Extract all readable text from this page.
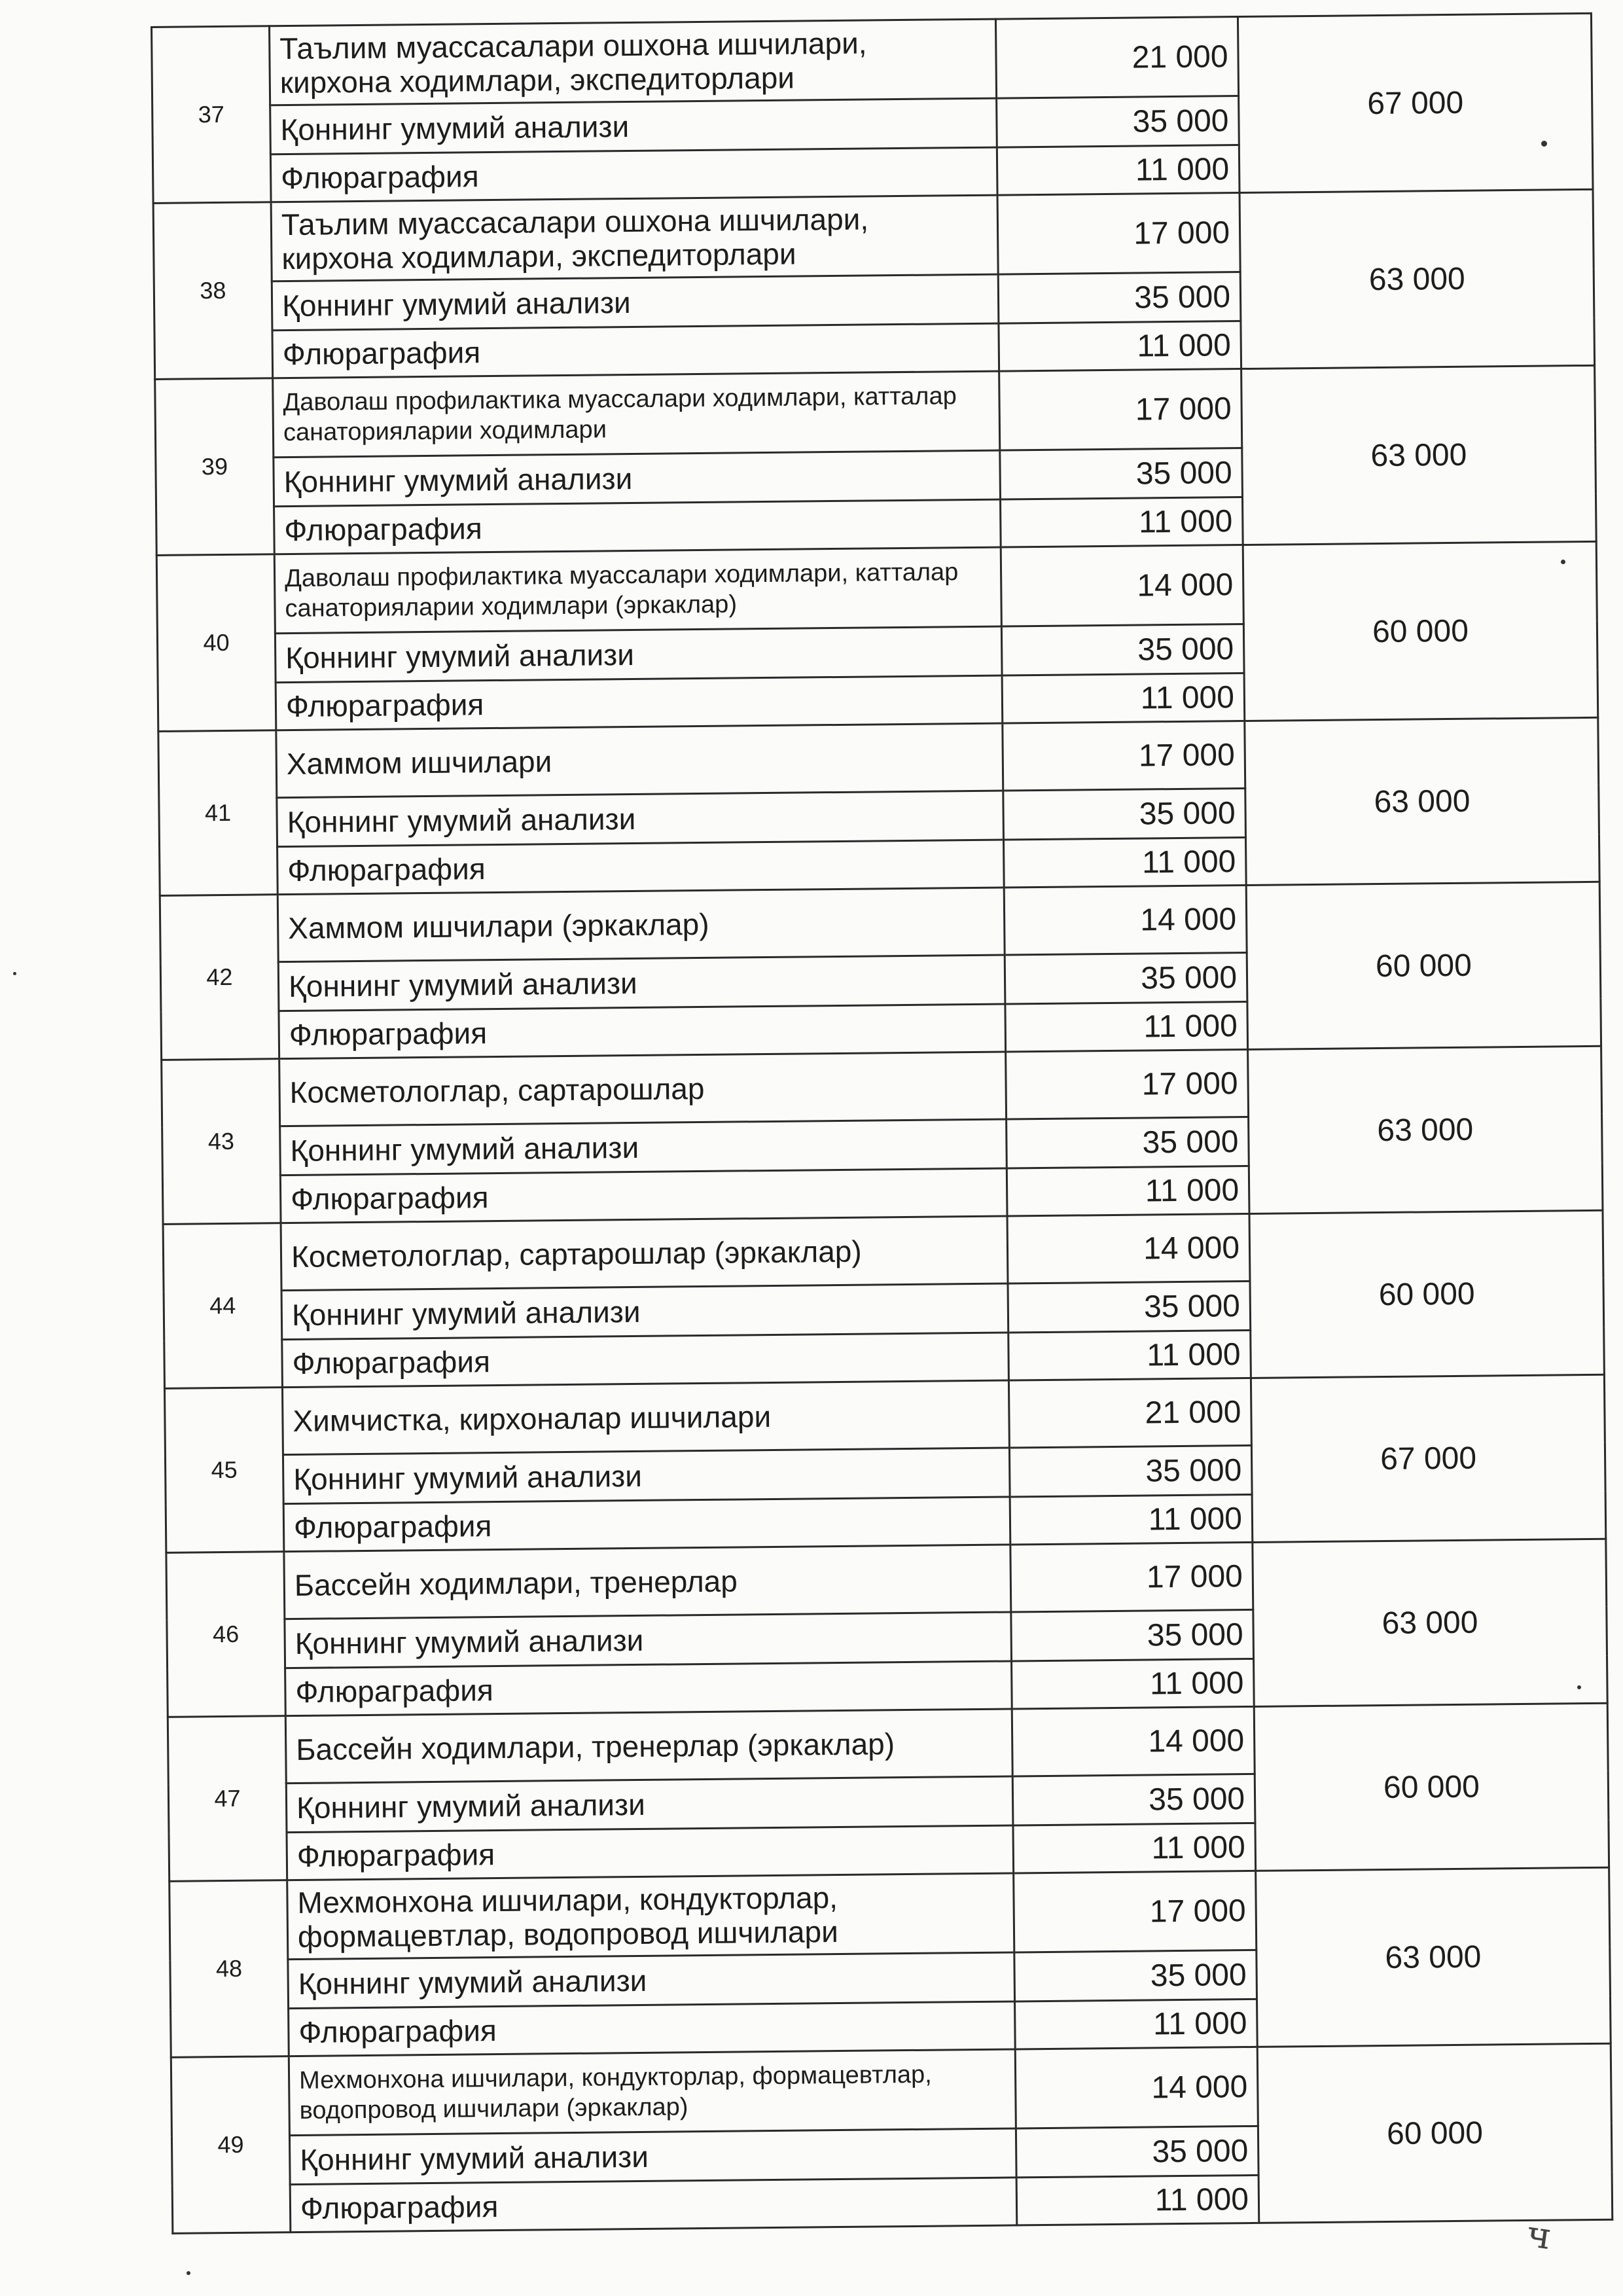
37	Таълим муассасалари ошхона ишчилари, кирхона ходимлари, экспедиторлари	21 000	67 000
	Қоннинг умумий анализи	35 000	
	Флюраграфия	11 000	
38	Таълим муассасалари ошхона ишчилари, кирхона ходимлари, экспедиторлари	17 000	63 000
	Қоннинг умумий анализи	35 000	
	Флюраграфия	11 000	
39	Даволаш профилактика муассалари ходимлари, катталар санаторияларии ходимлари	17 000	63 000
	Қоннинг умумий анализи	35 000	
	Флюраграфия	11 000	
40	Даволаш профилактика муассалари ходимлари, катталар санаторияларии ходимлари (эркаклар)	14 000	60 000
	Қоннинг умумий анализи	35 000	
	Флюраграфия	11 000	
41	Хаммом ишчилари	17 000	63 000
	Қоннинг умумий анализи	35 000	
	Флюраграфия	11 000	
42	Хаммом ишчилари (эркаклар)	14 000	60 000
	Қоннинг умумий анализи	35 000	
	Флюраграфия	11 000	
43	Косметологлар, сартарошлар	17 000	63 000
	Қоннинг умумий анализи	35 000	
	Флюраграфия	11 000	
44	Косметологлар, сартарошлар (эркаклар)	14 000	60 000
	Қоннинг умумий анализи	35 000	
	Флюраграфия	11 000	
45	Химчистка, кирхоналар ишчилари	21 000	67 000
	Қоннинг умумий анализи	35 000	
	Флюраграфия	11 000	
46	Бассейн ходимлари, тренерлар	17 000	63 000
	Қоннинг умумий анализи	35 000	
	Флюраграфия	11 000	
47	Бассейн ходимлари, тренерлар (эркаклар)	14 000	60 000
	Қоннинг умумий анализи	35 000	
	Флюраграфия	11 000	
48	Мехмонхона ишчилари, кондукторлар, формацевтлар, водопровод ишчилари	17 000	63 000
	Қоннинг умумий анализи	35 000	
	Флюраграфия	11 000	
49	Мехмонхона ишчилари, кондукторлар, формацевтлар, водопровод ишчилари (эркаклар)	14 000	60 000
	Қоннинг умумий анализи	35 000	
	Флюраграфия	11 000	
ч
